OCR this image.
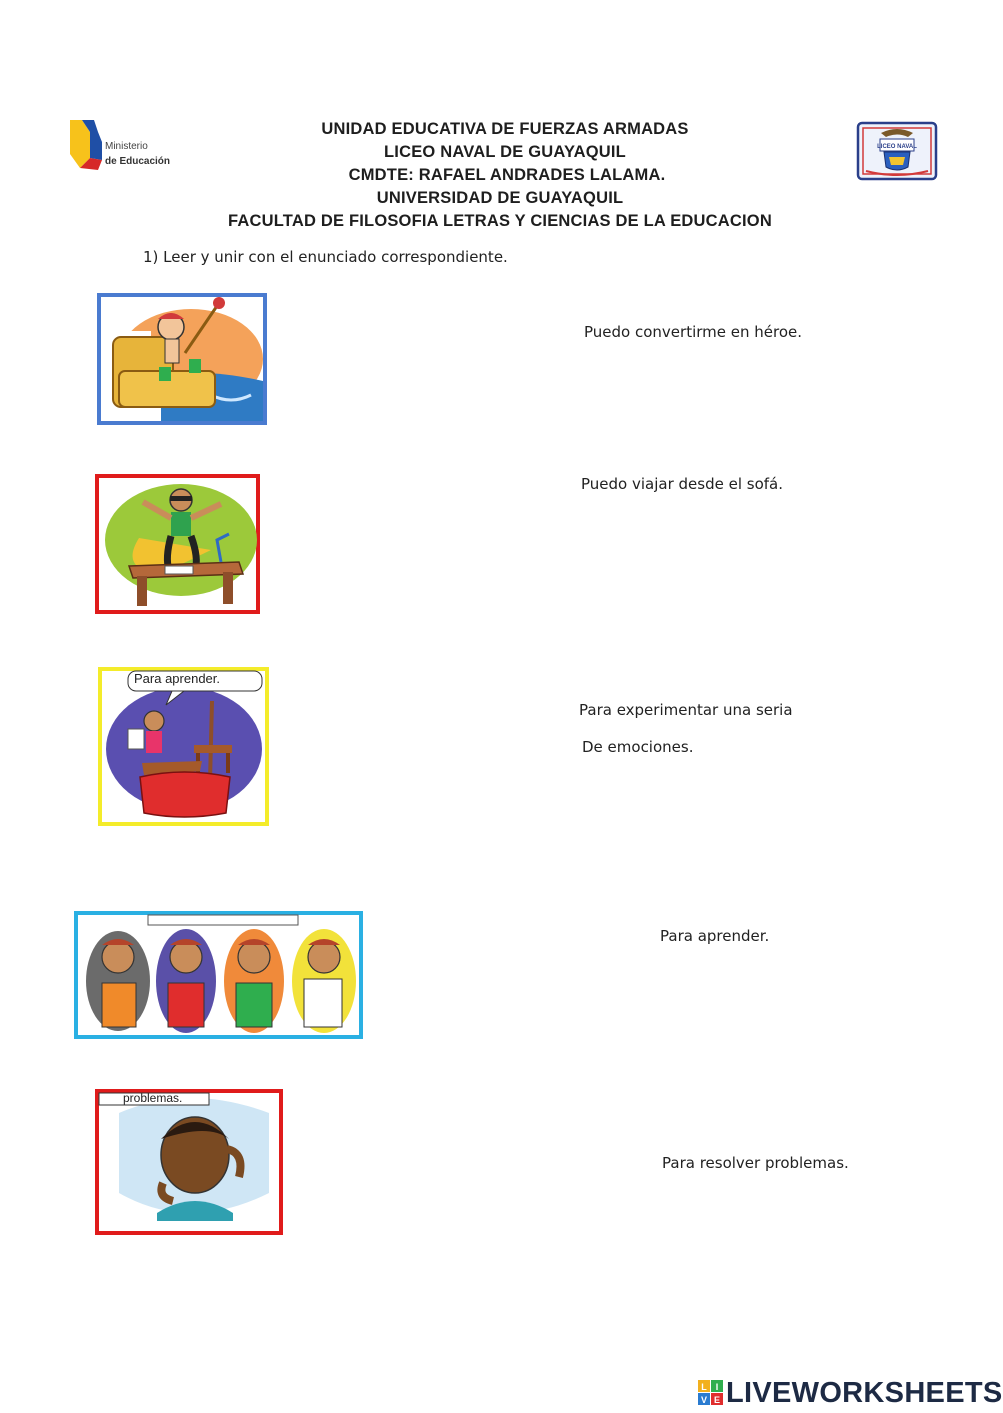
Ministerio
de Educación
LICEO NAVAL
UNIDAD EDUCATIVA DE FUERZAS ARMADAS
LICEO NAVAL DE GUAYAQUIL
CMDTE: RAFAEL ANDRADES LALAMA.
UNIVERSIDAD DE GUAYAQUIL
FACULTAD DE FILOSOFIA LETRAS Y CIENCIAS DE LA EDUCACION
1) Leer y unir con el enunciado correspondiente.
Para aprender.
problemas.
Puedo convertirme en héroe.
Puedo viajar desde el sofá.
Para experimentar una seria
De emociones.
Para aprender.
Para resolver problemas.
L I
V E LIVEWORKSHEETS
